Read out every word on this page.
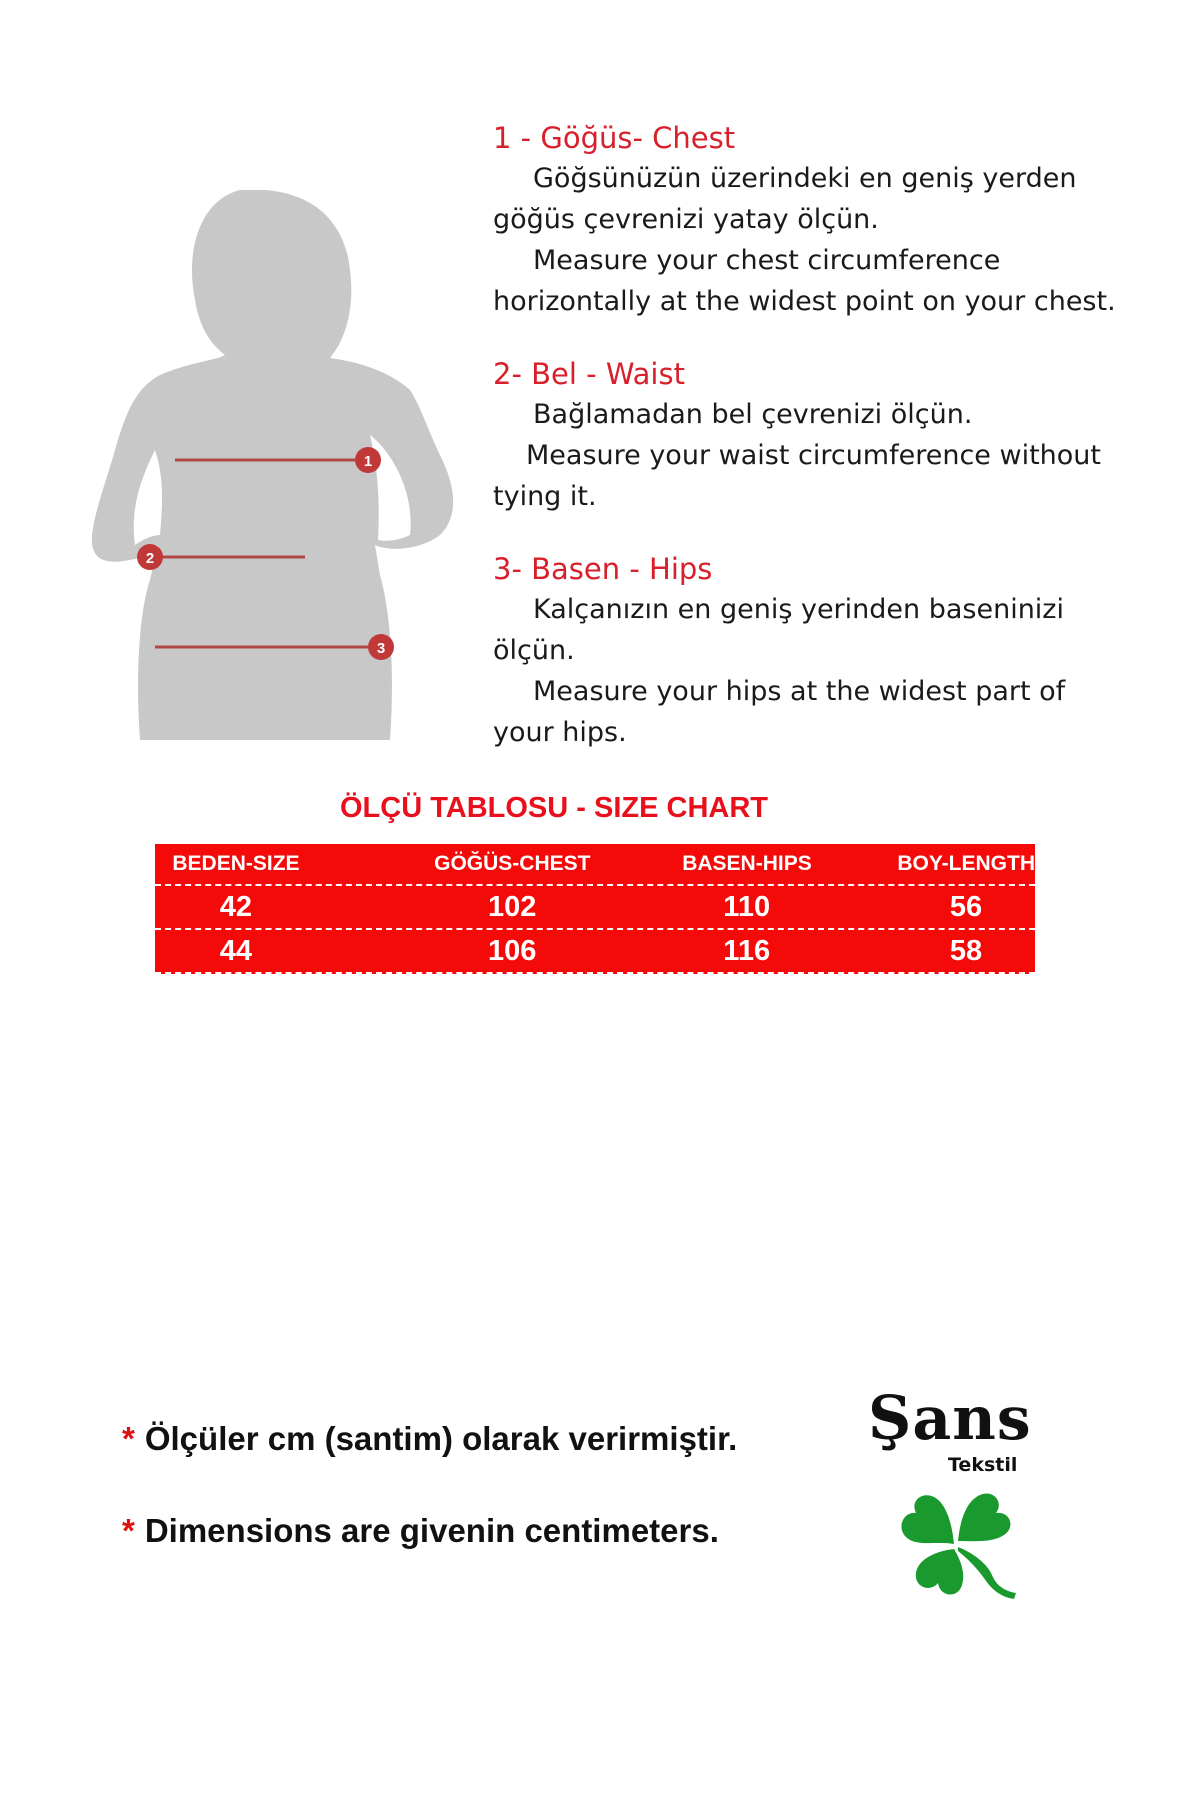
1
2
3

1 - Göğüs- Chest

Göğsünüzün üzerindeki en geniş yerden

göğüs çevrenizi yatay ölçün.

Measure your chest circumference

horizontally at the widest point on your chest.

2- Bel - Waist

Bağlamadan bel çevrenizi ölçün.

Measure your waist circumference without

tying it.

3- Basen - Hips

Kalçanızın en geniş yerinden baseninizi

ölçün.

Measure your hips at the widest part of

your hips.

ÖLÇÜ TABLOSU - SIZE CHART
BEDEN-SIZE	GÖĞÜS-CHEST	BASEN-HIPS	BOY-LENGTH
42	102	110	56
44	106	116	58

* Ölçüler cm (santim) olarak verirmiştir.

* Dimensions are givenin centimeters.

Şans
Tekstil
